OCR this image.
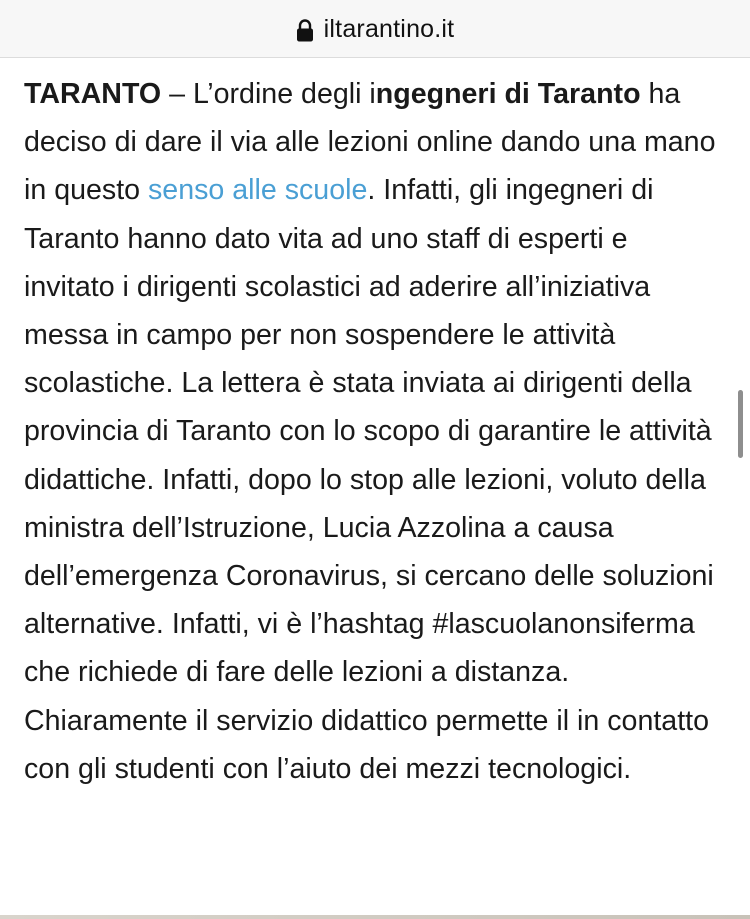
iltarantino.it

TARANTO – L’ordine degli ingegneri di Taranto ha deciso di dare il via alle lezioni online dando una mano in questo senso alle scuole. Infatti, gli ingegneri di Taranto hanno dato vita ad uno staff di esperti e invitato i dirigenti scolastici ad aderire all’iniziativa messa in campo per non sospendere le attività scolastiche. La lettera è stata inviata ai dirigenti della provincia di Taranto con lo scopo di garantire le attività didattiche. Infatti, dopo lo stop alle lezioni, voluto della ministra dell’Istruzione, Lucia Azzolina a causa dell’emergenza Coronavirus, si cercano delle soluzioni alternative. Infatti, vi è l’hashtag #lascuolanonsiferma che richiede di fare delle lezioni a distanza. Chiaramente il servizio didattico permette il in contatto con gli studenti con l’aiuto dei mezzi tecnologici.
